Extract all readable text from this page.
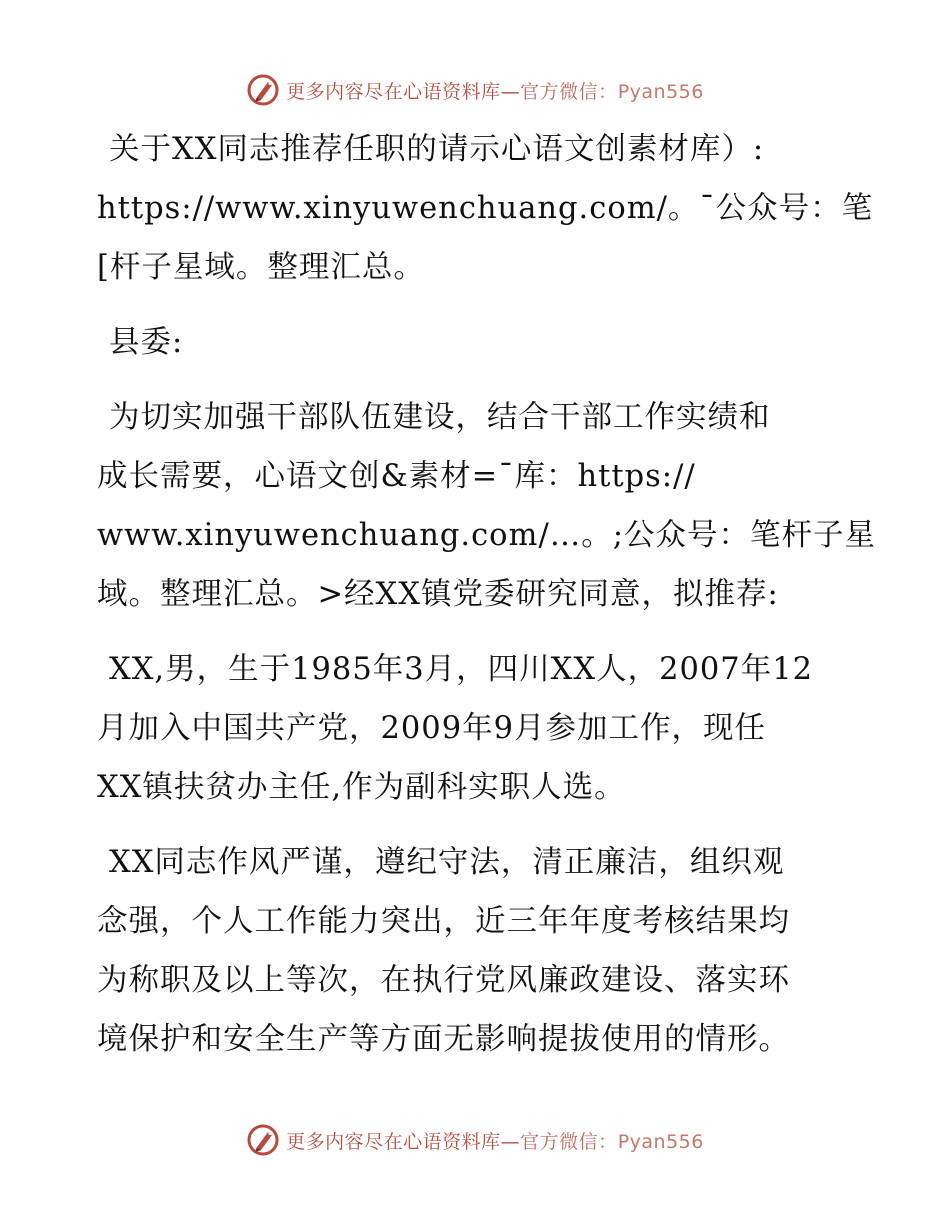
更多内容尽在心语资料库—官方微信：Pyan556

关于XX同志推荐任职的请示心语文创素材库）:
https://www.xinyuwenchuang.com/。¯公众号：笔
[杆子星域。整理汇总。

县委:

为切实加强干部队伍建设，结合干部工作实绩和
成长需要，心语文创&素材=¯库：https://
www.xinyuwenchuang.com/…。;公众号：笔杆子星
域。整理汇总。>经XX镇党委研究同意，拟推荐:

XX,男，生于1985年3月，四川XX人，2007年12
月加入中国共产党，2009年9月参加工作，现任
XX镇扶贫办主任,作为副科实职人选。

XX同志作风严谨，遵纪守法，清正廉洁，组织观
念强，个人工作能力突出，近三年年度考核结果均
为称职及以上等次，在执行党风廉政建设、落实环
境保护和安全生产等方面无影响提拔使用的情形。

更多内容尽在心语资料库—官方微信：Pyan556
